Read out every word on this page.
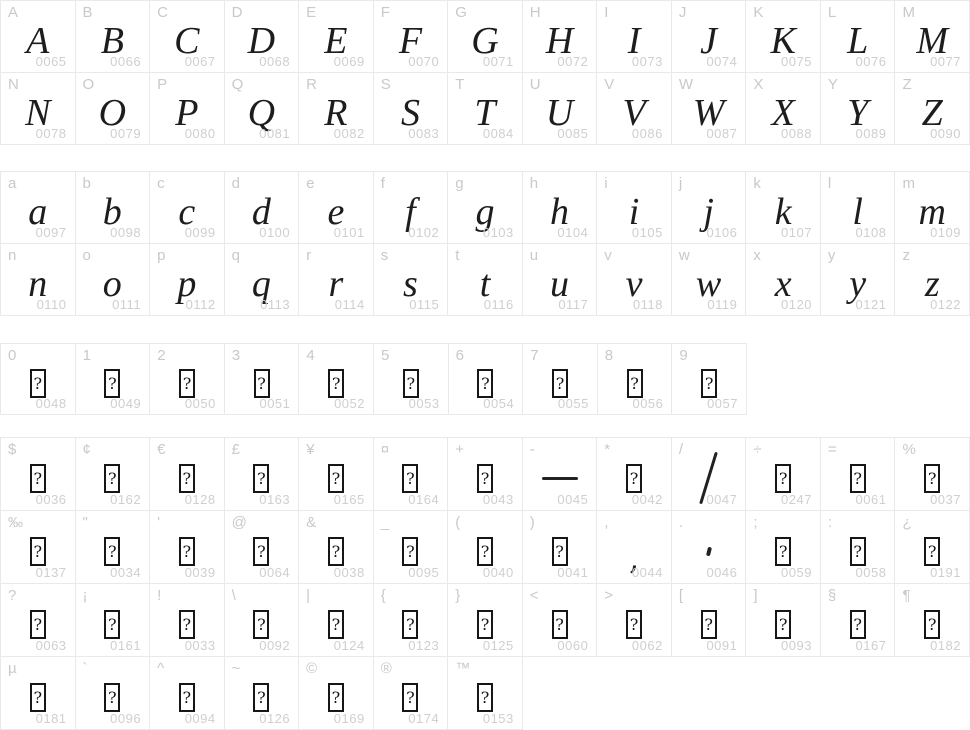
A
A
0065
B
B
0066
C
C
0067
D
D
0068
E
E
0069
F
F
0070
G
G
0071
H
H
0072
I
I
0073
J
J
0074
K
K
0075
L
L
0076
M
M
0077
N
N
0078
O
O
0079
P
P
0080
Q
Q
0081
R
R
0082
S
S
0083
T
T
0084
U
U
0085
V
V
0086
W
W
0087
X
X
0088
Y
Y
0089
Z
Z
0090
a
a
0097
b
b
0098
c
c
0099
d
d
0100
e
e
0101
f
f
0102
g
g
0103
h
h
0104
i
i
0105
j
j
0106
k
k
0107
l
l
0108
m
m
0109
n
n
0110
o
o
0111
p
p
0112
q
q
0113
r
r
0114
s
s
0115
t
t
0116
u
u
0117
v
v
0118
w
w
0119
x
x
0120
y
y
0121
z
z
0122
0
?
0048
1
?
0049
2
?
0050
3
?
0051
4
?
0052
5
?
0053
6
?
0054
7
?
0055
8
?
0056
9
?
0057
$
?
0036
¢
?
0162
€
?
0128
£
?
0163
¥
?
0165
¤
?
0164
+
?
0043
-
0045
*
?
0042
/
0047
÷
?
0247
=
?
0061
%
?
0037
‰
?
0137
"
?
0034
'
?
0039
@
?
0064
&
?
0038
_
?
0095
(
?
0040
)
?
0041
,
,
0044
.
0046
;
?
0059
:
?
0058
¿
?
0191
?
?
0063
¡
?
0161
!
?
0033
\
?
0092
|
?
0124
{
?
0123
}
?
0125
<
?
0060
>
?
0062
[
?
0091
]
?
0093
§
?
0167
¶
?
0182
µ
?
0181
`
?
0096
^
?
0094
~
?
0126
©
?
0169
®
?
0174
™
?
0153
